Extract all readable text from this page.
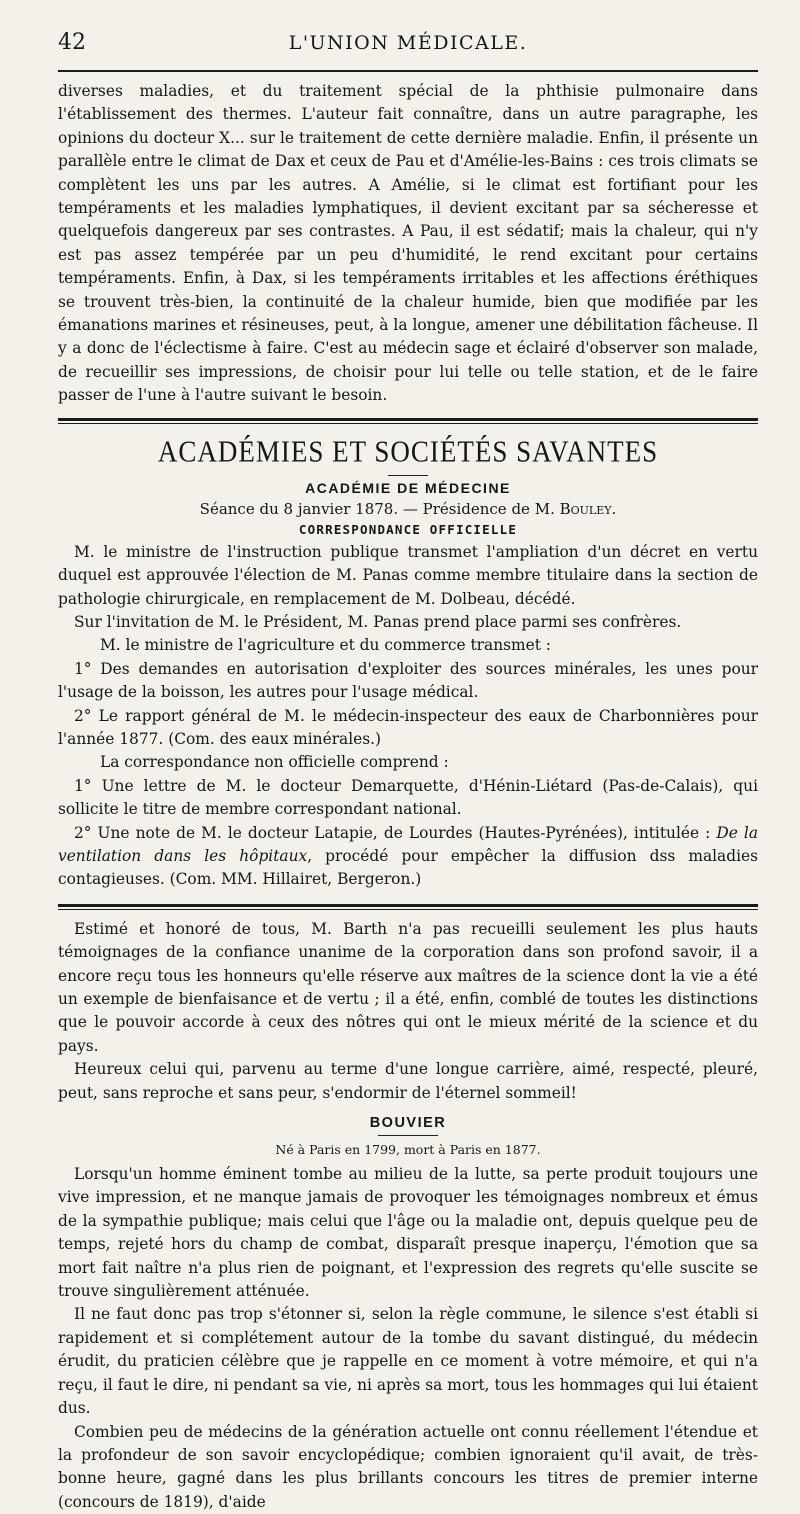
42	L'UNION MÉDICALE.

diverses maladies, et du traitement spécial de la phthisie pulmonaire dans l'établissement des thermes. L'auteur fait connaître, dans un autre paragraphe, les opinions du docteur X... sur le traitement de cette dernière maladie. Enfin, il présente un parallèle entre le climat de Dax et ceux de Pau et d'Amélie-les-Bains : ces trois climats se complètent les uns par les autres. A Amélie, si le climat est fortifiant pour les tempéraments et les maladies lymphatiques, il devient excitant par sa sécheresse et quelquefois dangereux par ses contrastes. A Pau, il est sédatif; mais la chaleur, qui n'y est pas assez tempérée par un peu d'humidité, le rend excitant pour certains tempéraments. Enfin, à Dax, si les tempéraments irritables et les affections éréthiques se trouvent très-bien, la continuité de la chaleur humide, bien que modifiée par les émanations marines et résineuses, peut, à la longue, amener une débilitation fâcheuse. Il y a donc de l'éclectisme à faire. C'est au médecin sage et éclairé d'observer son malade, de recueillir ses impressions, de choisir pour lui telle ou telle station, et de le faire passer de l'une à l'autre suivant le besoin.

ACADÉMIES ET SOCIÉTÉS SAVANTES
ACADÉMIE DE MÉDECINE
Séance du 8 janvier 1878. — Présidence de M. Bouley.
CORRESPONDANCE OFFICIELLE

M. le ministre de l'instruction publique transmet l'ampliation d'un décret en vertu duquel est approuvée l'élection de M. Panas comme membre titulaire dans la section de pathologie chirurgicale, en remplacement de M. Dolbeau, décédé.

Sur l'invitation de M. le Président, M. Panas prend place parmi ses confrères.

M. le ministre de l'agriculture et du commerce transmet :

1° Des demandes en autorisation d'exploiter des sources minérales, les unes pour l'usage de la boisson, les autres pour l'usage médical.

2° Le rapport général de M. le médecin-inspecteur des eaux de Charbonnières pour l'année 1877. (Com. des eaux minérales.)

La correspondance non officielle comprend :

1° Une lettre de M. le docteur Demarquette, d'Hénin-Liétard (Pas-de-Calais), qui sollicite le titre de membre correspondant national.

2° Une note de M. le docteur Latapie, de Lourdes (Hautes-Pyrénées), intitulée : De la ventilation dans les hôpitaux, procédé pour empêcher la diffusion dss maladies contagieuses. (Com. MM. Hillairet, Bergeron.)

Estimé et honoré de tous, M. Barth n'a pas recueilli seulement les plus hauts témoignages de la confiance unanime de la corporation dans son profond savoir, il a encore reçu tous les honneurs qu'elle réserve aux maîtres de la science dont la vie a été un exemple de bienfaisance et de vertu ; il a été, enfin, comblé de toutes les distinctions que le pouvoir accorde à ceux des nôtres qui ont le mieux mérité de la science et du pays.

Heureux celui qui, parvenu au terme d'une longue carrière, aimé, respecté, pleuré, peut, sans reproche et sans peur, s'endormir de l'éternel sommeil!

BOUVIER
Né à Paris en 1799, mort à Paris en 1877.

Lorsqu'un homme éminent tombe au milieu de la lutte, sa perte produit toujours une vive impression, et ne manque jamais de provoquer les témoignages nombreux et émus de la sympathie publique; mais celui que l'âge ou la maladie ont, depuis quelque peu de temps, rejeté hors du champ de combat, disparaît presque inaperçu, l'émotion que sa mort fait naître n'a plus rien de poignant, et l'expression des regrets qu'elle suscite se trouve singulièrement atténuée.

Il ne faut donc pas trop s'étonner si, selon la règle commune, le silence s'est établi si rapidement et si complétement autour de la tombe du savant distingué, du médecin érudit, du praticien célèbre que je rappelle en ce moment à votre mémoire, et qui n'a reçu, il faut le dire, ni pendant sa vie, ni après sa mort, tous les hommages qui lui étaient dus.

Combien peu de médecins de la génération actuelle ont connu réellement l'étendue et la profondeur de son savoir encyclopédique; combien ignoraient qu'il avait, de très-bonne heure, gagné dans les plus brillants concours les titres de premier interne (concours de 1819), d'aide
